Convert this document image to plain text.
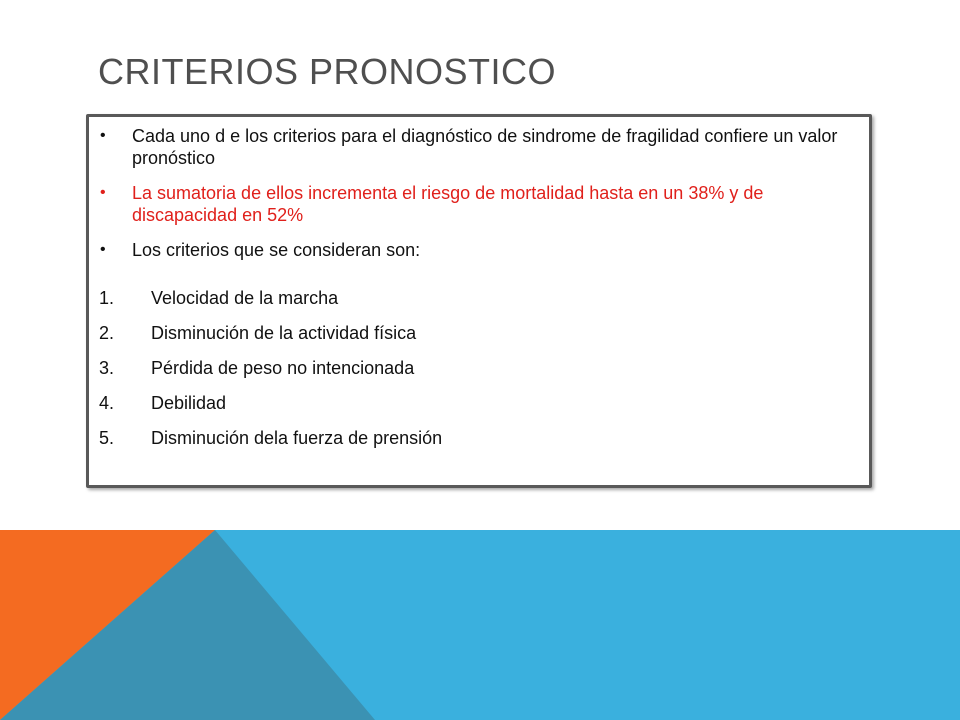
CRITERIOS PRONOSTICO
• Cada uno d e los criterios para el diagnóstico de sindrome de fragilidad confiere un valor pronóstico
• La sumatoria de ellos incrementa el riesgo de mortalidad hasta en un 38% y de discapacidad en 52%
• Los criterios que se consideran son:
1. Velocidad de la marcha
2. Disminución de la actividad física
3. Pérdida de peso no intencionada
4. Debilidad
5. Disminución dela fuerza de prensión
